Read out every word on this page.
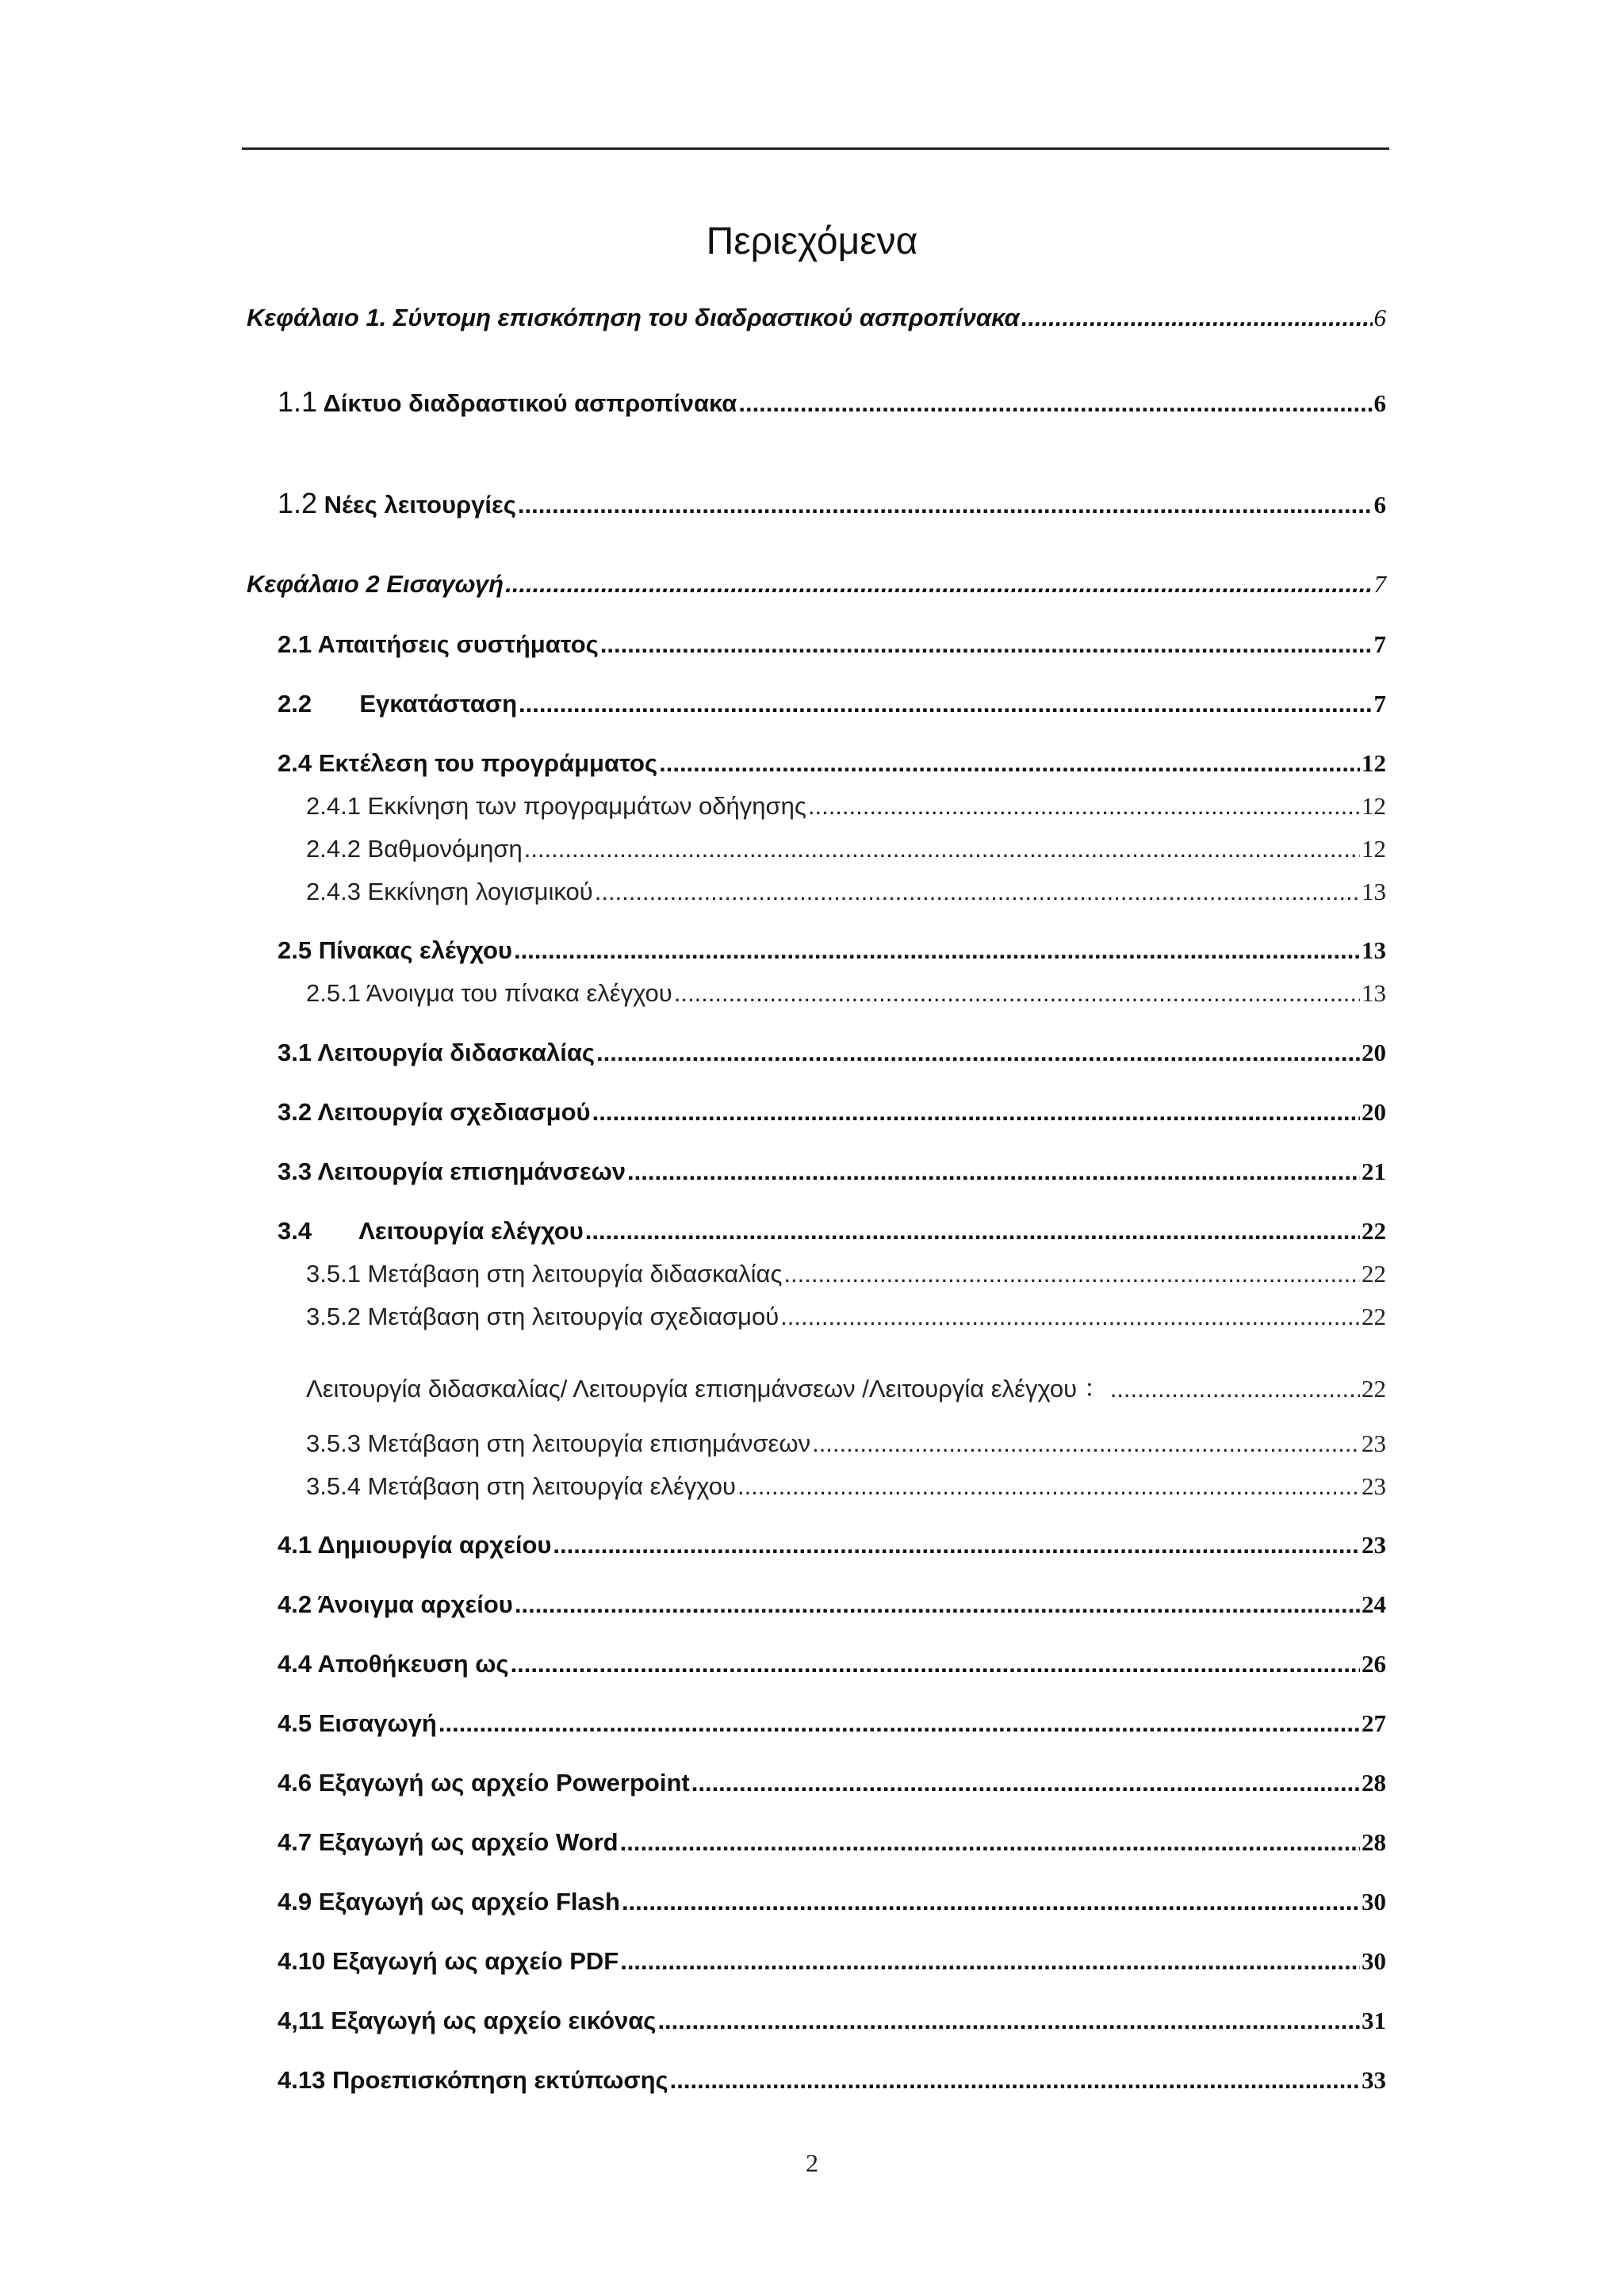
Περιεχόμενα
Κεφάλαιο 1. Σύντομη επισκόπηση του διαδραστικού ασπροπίνακα .....	6
1.1 Δίκτυο διαδραστικού ασπροπίνακα .....	6
1.2 Νέες λειτουργίες .....	6
Κεφάλαιο 2 Εισαγωγή .....	7
2.1 Απαιτήσεις συστήματος .....	7
2.2       Εγκατάσταση .....	7
2.4 Εκτέλεση του προγράμματος .....	12
2.4.1 Εκκίνηση των προγραμμάτων οδήγησης .....	12
2.4.2 Βαθμονόμηση .....	12
2.4.3 Εκκίνηση λογισμικού .....	13
2.5 Πίνακας ελέγχου .....	13
2.5.1 Άνοιγμα του πίνακα ελέγχου .....	13
3.1 Λειτουργία διδασκαλίας .....	20
3.2 Λειτουργία σχεδιασμού .....	20
3.3 Λειτουργία επισημάνσεων .....	21
3.4       Λειτουργία ελέγχου .....	22
3.5.1 Μετάβαση στη λειτουργία διδασκαλίας .....	22
3.5.2 Μετάβαση στη λειτουργία σχεδιασμού .....	22
Λειτουργία διδασκαλίας/ Λειτουργία επισημάνσεων /Λειτουργία ελέγχου ： .....	22
3.5.3 Μετάβαση στη λειτουργία επισημάνσεων .....	23
3.5.4 Μετάβαση στη λειτουργία ελέγχου .....	23
4.1 Δημιουργία αρχείου .....	23
4.2 Άνοιγμα αρχείου .....	24
4.4 Αποθήκευση ως .....	26
4.5 Εισαγωγή .....	27
4.6 Εξαγωγή ως αρχείο Powerpoint .....	28
4.7 Εξαγωγή ως αρχείο Word .....	28
4.9 Εξαγωγή ως αρχείο Flash .....	30
4.10 Εξαγωγή ως αρχείο PDF .....	30
4,11 Εξαγωγή ως αρχείο εικόνας .....	31
4.13 Προεπισκόπηση εκτύπωσης .....	33
2
